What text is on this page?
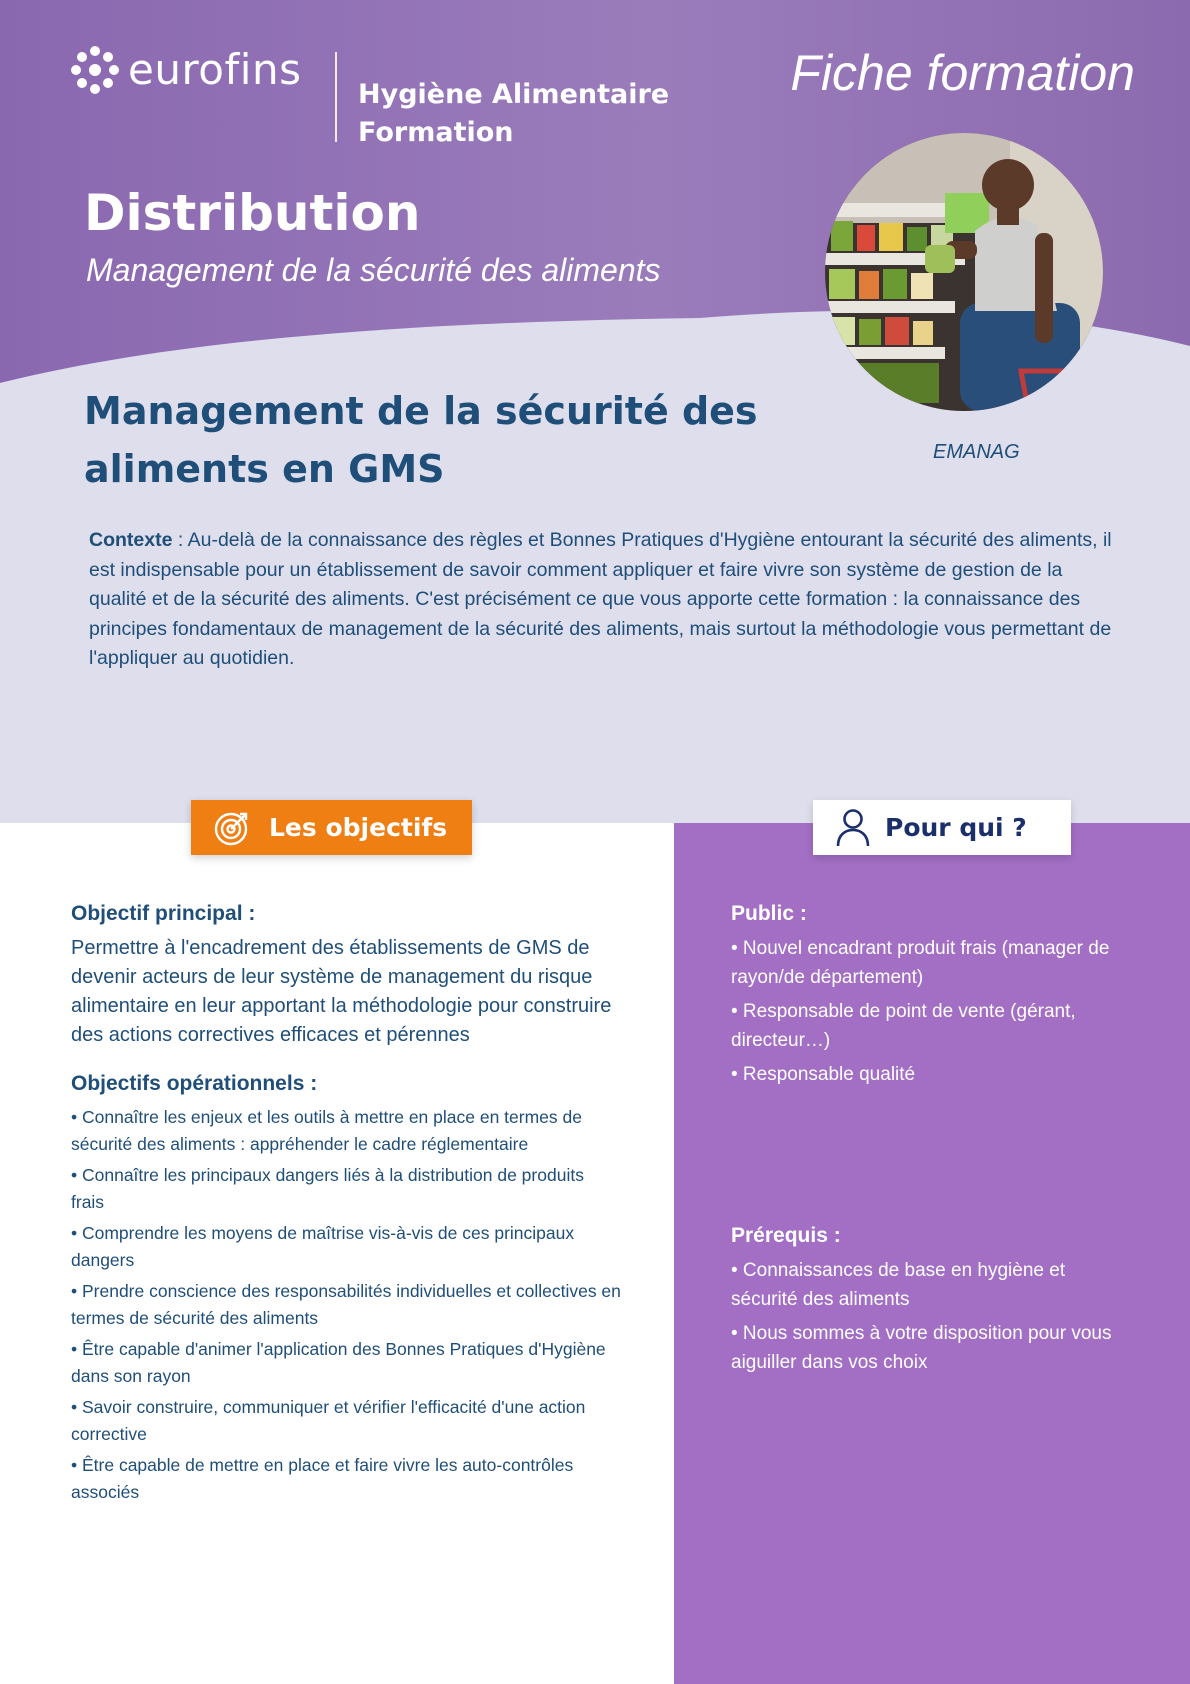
eurofins
Hygiène Alimentaire
Formation
Fiche formation
Distribution
Management de la sécurité des aliments
EMANAG
Management de la sécurité des aliments en GMS

Contexte : Au-delà de la connaissance des règles et Bonnes Pratiques d'Hygiène entourant la sécurité des aliments, il est indispensable pour un établissement de savoir comment appliquer et faire vivre son système de gestion de la qualité et de la sécurité des aliments. C'est précisément ce que vous apporte cette formation : la connaissance des principes fondamentaux de management de la sécurité des aliments, mais surtout la méthodologie vous permettant de l'appliquer au quotidien.

Les objectifs	Pour qui ?
Objectif principal :

Permettre à l'encadrement des établissements de GMS de devenir acteurs de leur système de management du risque alimentaire en leur apportant la méthodologie pour construire des actions correctives efficaces et pérennes

Objectifs opérationnels :
• Connaître les enjeux et les outils à mettre en place en termes de sécurité des aliments : appréhender le cadre réglementaire
• Connaître les principaux dangers liés à la distribution de produits frais
• Comprendre les moyens de maîtrise vis-à-vis de ces principaux dangers
• Prendre conscience des responsabilités individuelles et collectives en termes de sécurité des aliments
• Être capable d'animer l'application des Bonnes Pratiques d'Hygiène dans son rayon
• Savoir construire, communiquer et vérifier l'efficacité d'une action corrective
• Être capable de mettre en place et faire vivre les auto-contrôles associés
Public :
• Nouvel encadrant produit frais (manager de rayon/de département)
• Responsable de point de vente (gérant, directeur…)
• Responsable qualité
Prérequis :
• Connaissances de base en hygiène et sécurité des aliments
• Nous sommes à votre disposition pour vous aiguiller dans vos choix
